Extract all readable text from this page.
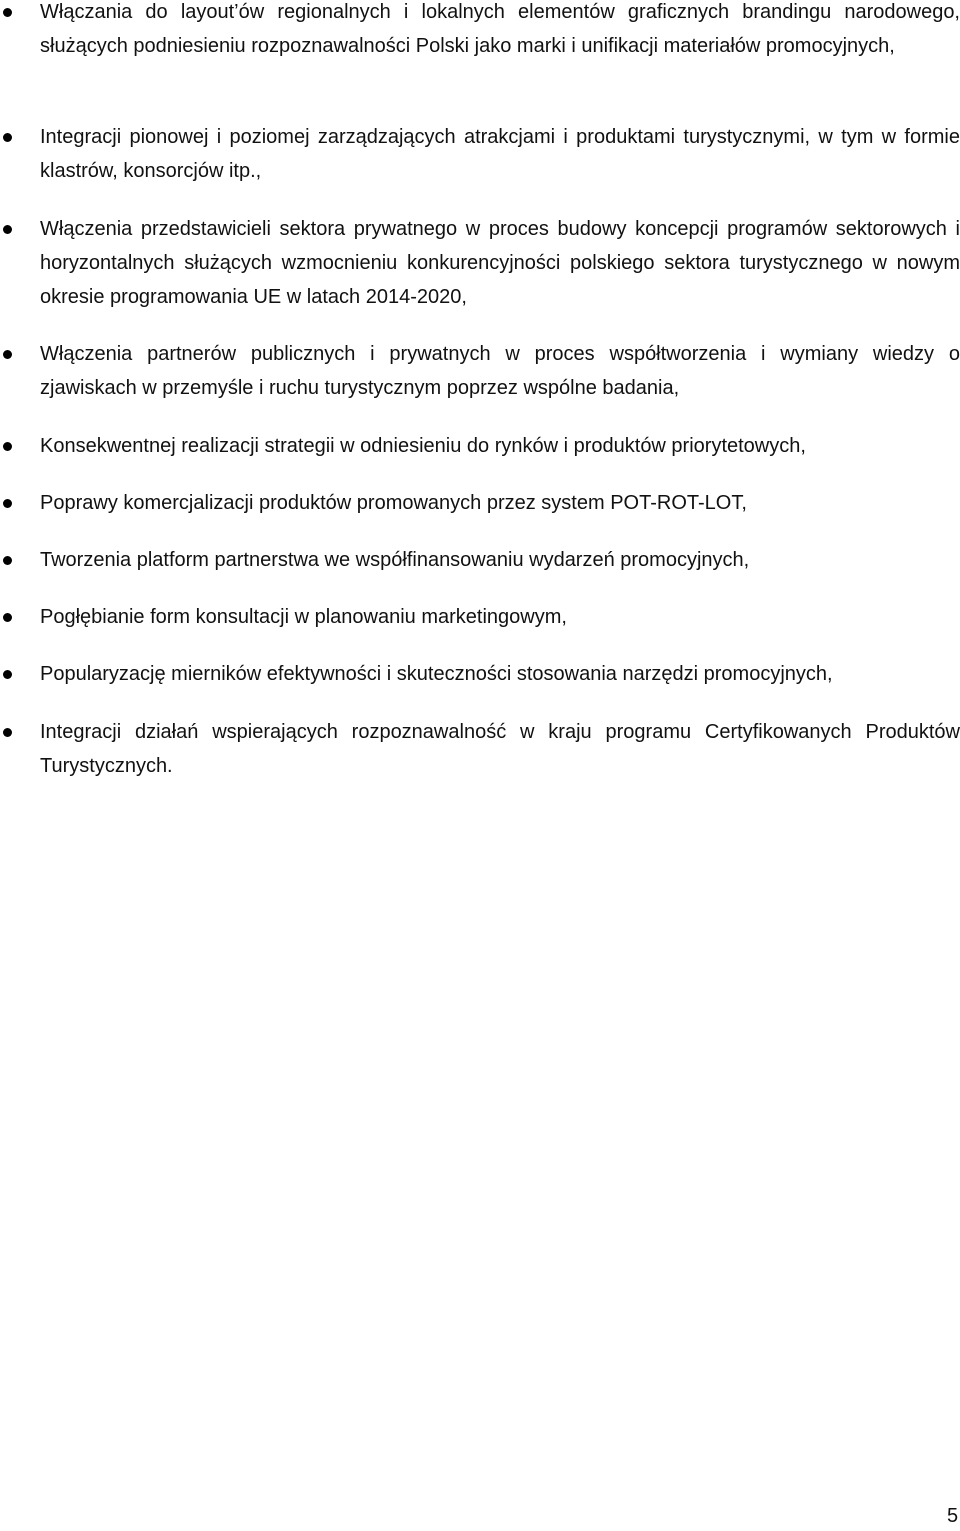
Włączania do layout’ów regionalnych i lokalnych elementów graficznych brandingu narodowego, służących podniesieniu rozpoznawalności Polski jako marki i unifikacji materiałów promocyjnych,

Integracji pionowej i poziomej zarządzających atrakcjami i produktami turystycznymi, w tym w formie klastrów, konsorcjów itp.,

Włączenia przedstawicieli sektora prywatnego w proces budowy koncepcji programów sektorowych i horyzontalnych służących wzmocnieniu konkurencyjności polskiego sektora turystycznego w nowym okresie programowania UE w latach 2014-2020,

Włączenia partnerów publicznych i prywatnych w proces współtworzenia i wymiany wiedzy o zjawiskach w przemyśle i ruchu turystycznym poprzez wspólne badania,

Konsekwentnej realizacji strategii w odniesieniu do rynków i produktów priorytetowych,

Poprawy komercjalizacji produktów promowanych przez system POT-ROT-LOT,

Tworzenia platform partnerstwa we współfinansowaniu wydarzeń promocyjnych,

Pogłębianie form konsultacji w planowaniu marketingowym,

Popularyzację mierników efektywności i skuteczności stosowania narzędzi promocyjnych,

Integracji działań wspierających rozpoznawalność w kraju programu Certyfikowanych Produktów Turystycznych.

5
